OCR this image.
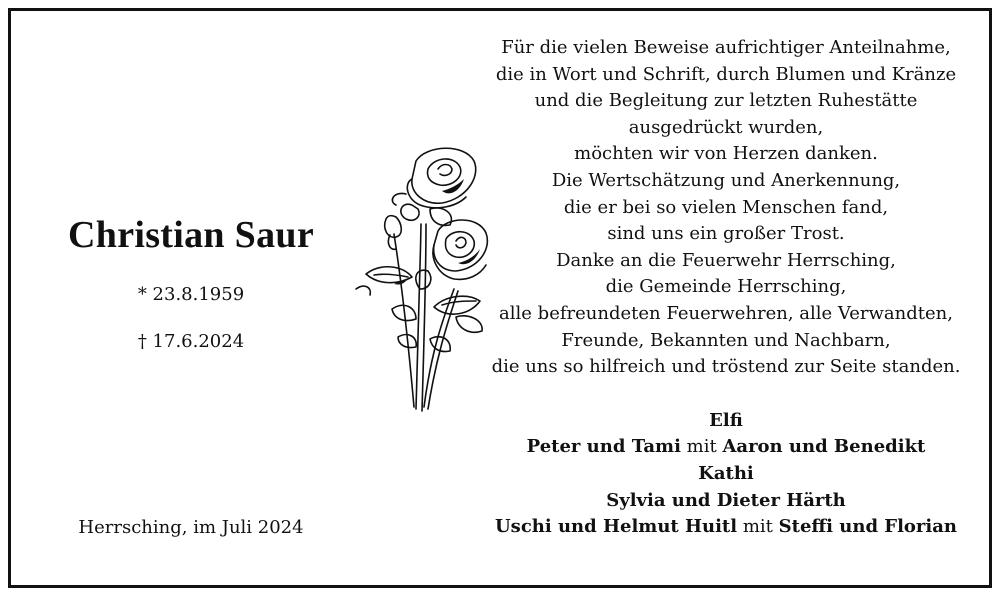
Christian Saur
* 23.8.1959
† 17.6.2024
Herrsching, im Juli 2024
Für die vielen Beweise aufrichtiger Anteilnahme,
die in Wort und Schrift, durch Blumen und Kränze
und die Begleitung zur letzten Ruhestätte
ausgedrückt wurden,
möchten wir von Herzen danken.
Die Wertschätzung und Anerkennung,
die er bei so vielen Menschen fand,
sind uns ein großer Trost.
Danke an die Feuerwehr Herrsching,
die Gemeinde Herrsching,
alle befreundeten Feuerwehren, alle Verwandten,
Freunde, Bekannten und Nachbarn,
die uns so hilfreich und tröstend zur Seite standen.
Elfi
Peter und Tami mit Aaron und Benedikt
Kathi
Sylvia und Dieter Härth
Uschi und Helmut Huitl mit Steffi und Florian
